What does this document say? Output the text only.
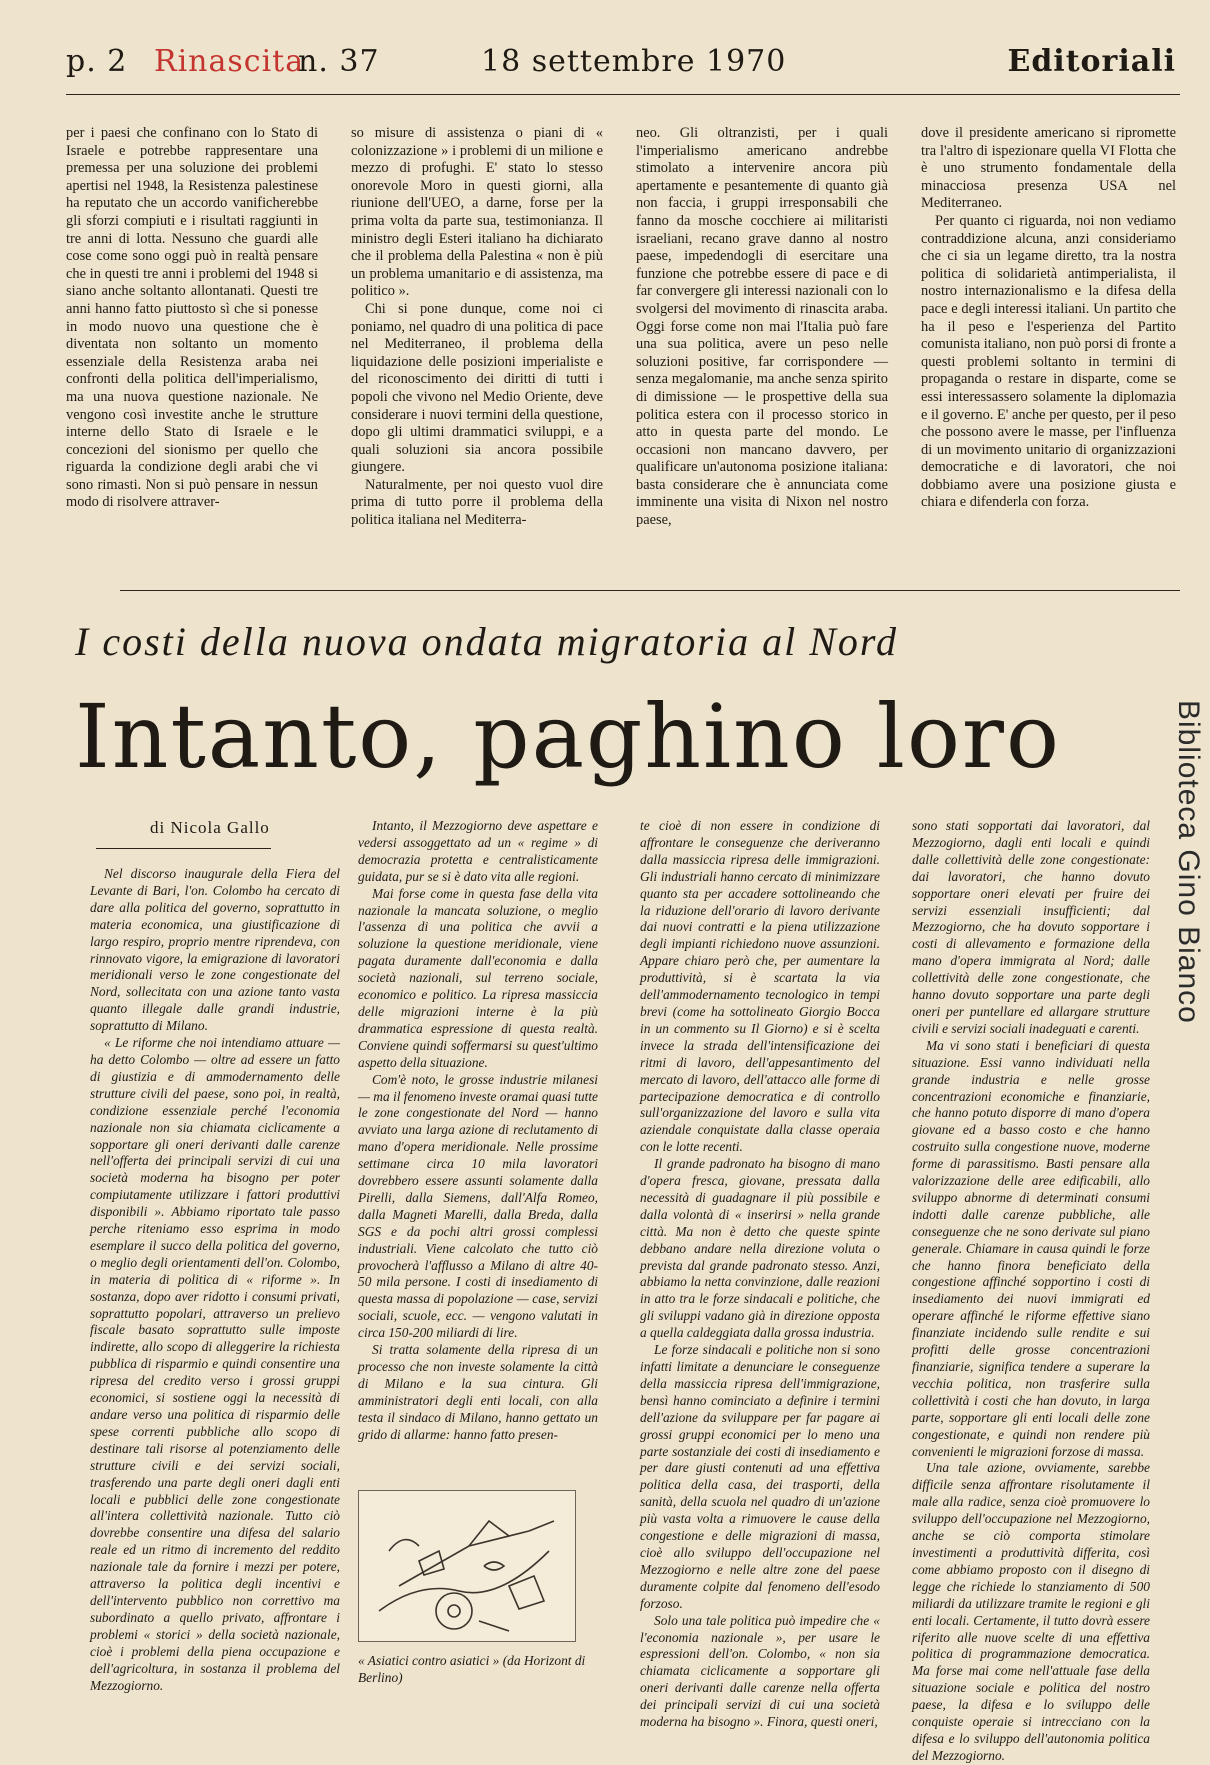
p. 2 Rinascita
n. 37	18 settembre 1970	Editoriali

per i paesi che confinano con lo Stato di Israele e potrebbe rappresentare una premessa per una soluzione dei problemi apertisi nel 1948, la Resistenza palestinese ha reputato che un accordo vanificherebbe gli sforzi compiuti e i risultati raggiunti in tre anni di lotta. Nessuno che guardi alle cose come sono oggi può in realtà pensare che in questi tre anni i problemi del 1948 si siano anche soltanto allontanati. Questi tre anni hanno fatto piuttosto sì che si ponesse in modo nuovo una questione che è diventata non soltanto un momento essenziale della Resistenza araba nei confronti della politica dell'imperialismo, ma una nuova questione nazionale. Ne vengono così investite anche le strutture interne dello Stato di Israele e le concezioni del sionismo per quello che riguarda la condizione degli arabi che vi sono rimasti. Non si può pensare in nessun modo di risolvere attraver-

so misure di assistenza o piani di « colonizzazione » i problemi di un milione e mezzo di profughi. E' stato lo stesso onorevole Moro in questi giorni, alla riunione dell'UEO, a darne, forse per la prima volta da parte sua, testimonianza. Il ministro degli Esteri italiano ha dichiarato che il problema della Palestina « non è più un problema umanitario e di assistenza, ma politico ».

Chi si pone dunque, come noi ci poniamo, nel quadro di una politica di pace nel Mediterraneo, il problema della liquidazione delle posizioni imperialiste e del riconoscimento dei diritti di tutti i popoli che vivono nel Medio Oriente, deve considerare i nuovi termini della questione, dopo gli ultimi drammatici sviluppi, e a quali soluzioni sia ancora possibile giungere.

Naturalmente, per noi questo vuol dire prima di tutto porre il problema della politica italiana nel Mediterra-

neo. Gli oltranzisti, per i quali l'imperialismo americano andrebbe stimolato a intervenire ancora più apertamente e pesantemente di quanto già non faccia, i gruppi irresponsabili che fanno da mosche cocchiere ai militaristi israeliani, recano grave danno al nostro paese, impedendogli di esercitare una funzione che potrebbe essere di pace e di far convergere gli interessi nazionali con lo svolgersi del movimento di rinascita araba. Oggi forse come non mai l'Italia può fare una sua politica, avere un peso nelle soluzioni positive, far corrispondere — senza megalomanie, ma anche senza spirito di dimissione — le prospettive della sua politica estera con il processo storico in atto in questa parte del mondo. Le occasioni non mancano davvero, per qualificare un'autonoma posizione italiana: basta considerare che è annunciata come imminente una visita di Nixon nel nostro paese,

dove il presidente americano si ripromette tra l'altro di ispezionare quella VI Flotta che è uno strumento fondamentale della minacciosa presenza USA nel Mediterraneo.

Per quanto ci riguarda, noi non vediamo contraddizione alcuna, anzi consideriamo che ci sia un legame diretto, tra la nostra politica di solidarietà antimperialista, il nostro internazionalismo e la difesa della pace e degli interessi italiani. Un partito che ha il peso e l'esperienza del Partito comunista italiano, non può porsi di fronte a questi problemi soltanto in termini di propaganda o restare in disparte, come se essi interessassero solamente la diplomazia e il governo. E' anche per questo, per il peso che possono avere le masse, per l'influenza di un movimento unitario di organizzazioni democratiche e di lavoratori, che noi dobbiamo avere una posizione giusta e chiara e difenderla con forza.

I costi della nuova ondata migratoria al Nord
Intanto, paghino loro
di Nicola Gallo

Nel discorso inaugurale della Fiera del Levante di Bari, l'on. Colombo ha cercato di dare alla politica del governo, soprattutto in materia economica, una giustificazione di largo respiro, proprio mentre riprendeva, con rinnovato vigore, la emigrazione di lavoratori meridionali verso le zone congestionate del Nord, sollecitata con una azione tanto vasta quanto illegale dalle grandi industrie, soprattutto di Milano.

« Le riforme che noi intendiamo attuare — ha detto Colombo — oltre ad essere un fatto di giustizia e di ammodernamento delle strutture civili del paese, sono poi, in realtà, condizione essenziale perché l'economia nazionale non sia chiamata ciclicamente a sopportare gli oneri derivanti dalle carenze nell'offerta dei principali servizi di cui una società moderna ha bisogno per poter compiutamente utilizzare i fattori produttivi disponibili ». Abbiamo riportato tale passo perche riteniamo esso esprima in modo esemplare il succo della politica del governo, o meglio degli orientamenti dell'on. Colombo, in materia di politica di « riforme ». In sostanza, dopo aver ridotto i consumi privati, soprattutto popolari, attraverso un prelievo fiscale basato soprattutto sulle imposte indirette, allo scopo di alleggerire la richiesta pubblica di risparmio e quindi consentire una ripresa del credito verso i grossi gruppi economici, si sostiene oggi la necessità di andare verso una politica di risparmio delle spese correnti pubbliche allo scopo di destinare tali risorse al potenziamento delle strutture civili e dei servizi sociali, trasferendo una parte degli oneri dagli enti locali e pubblici delle zone congestionate all'intera collettività nazionale. Tutto ciò dovrebbe consentire una difesa del salario reale ed un ritmo di incremento del reddito nazionale tale da fornire i mezzi per potere, attraverso la politica degli incentivi e dell'intervento pubblico non correttivo ma subordinato a quello privato, affrontare i problemi « storici » della società nazionale, cioè i problemi della piena occupazione e dell'agricoltura, in sostanza il problema del Mezzogiorno.

Intanto, il Mezzogiorno deve aspettare e vedersi assoggettato ad un « regime » di democrazia protetta e centralisticamente guidata, pur se si è dato vita alle regioni.

Mai forse come in questa fase della vita nazionale la mancata soluzione, o meglio l'assenza di una politica che avvii a soluzione la questione meridionale, viene pagata duramente dall'economia e dalla società nazionali, sul terreno sociale, economico e politico. La ripresa massiccia delle migrazioni interne è la più drammatica espressione di questa realtà. Conviene quindi soffermarsi su quest'ultimo aspetto della situazione.

Com'è noto, le grosse industrie milanesi — ma il fenomeno investe oramai quasi tutte le zone congestionate del Nord — hanno avviato una larga azione di reclutamento di mano d'opera meridionale. Nelle prossime settimane circa 10 mila lavoratori dovrebbero essere assunti solamente dalla Pirelli, dalla Siemens, dall'Alfa Romeo, dalla Magneti Marelli, dalla Breda, dalla SGS e da pochi altri grossi complessi industriali. Viene calcolato che tutto ciò provocherà l'afflusso a Milano di altre 40-50 mila persone. I costi di insediamento di questa massa di popolazione — case, servizi sociali, scuole, ecc. — vengono valutati in circa 150-200 miliardi di lire.

Si tratta solamente della ripresa di un processo che non investe solamente la città di Milano e la sua cintura. Gli amministratori degli enti locali, con alla testa il sindaco di Milano, hanno gettato un grido di allarme: hanno fatto presen-

« Asiatici contro asiatici » (da Horizont di Berlino)

te cioè di non essere in condizione di affrontare le conseguenze che deriveranno dalla massiccia ripresa delle immigrazioni. Gli industriali hanno cercato di minimizzare quanto sta per accadere sottolineando che la riduzione dell'orario di lavoro derivante dai nuovi contratti e la piena utilizzazione degli impianti richiedono nuove assunzioni. Appare chiaro però che, per aumentare la produttività, si è scartata la via dell'ammodernamento tecnologico in tempi brevi (come ha sottolineato Giorgio Bocca in un commento su Il Giorno) e si è scelta invece la strada dell'intensificazione dei ritmi di lavoro, dell'appesantimento del mercato di lavoro, dell'attacco alle forme di partecipazione democratica e di controllo sull'organizzazione del lavoro e sulla vita aziendale conquistate dalla classe operaia con le lotte recenti.

Il grande padronato ha bisogno di mano d'opera fresca, giovane, pressata dalla necessità di guadagnare il più possibile e dalla volontà di « inserirsi » nella grande città. Ma non è detto che queste spinte debbano andare nella direzione voluta o prevista dal grande padronato stesso. Anzi, abbiamo la netta convinzione, dalle reazioni in atto tra le forze sindacali e politiche, che gli sviluppi vadano già in direzione opposta a quella caldeggiata dalla grossa industria.

Le forze sindacali e politiche non si sono infatti limitate a denunciare le conseguenze della massiccia ripresa dell'immigrazione, bensì hanno cominciato a definire i termini dell'azione da sviluppare per far pagare ai grossi gruppi economici per lo meno una parte sostanziale dei costi di insediamento e per dare giusti contenuti ad una effettiva politica della casa, dei trasporti, della sanità, della scuola nel quadro di un'azione più vasta volta a rimuovere le cause della congestione e delle migrazioni di massa, cioè allo sviluppo dell'occupazione nel Mezzogiorno e nelle altre zone del paese duramente colpite dal fenomeno dell'esodo forzoso.

Solo una tale politica può impedire che « l'economia nazionale », per usare le espressioni dell'on. Colombo, « non sia chiamata ciclicamente a sopportare gli oneri derivanti dalle carenze nella offerta dei principali servizi di cui una società moderna ha bisogno ». Finora, questi oneri,

sono stati sopportati dai lavoratori, dal Mezzogiorno, dagli enti locali e quindi dalle collettività delle zone congestionate: dai lavoratori, che hanno dovuto sopportare oneri elevati per fruire dei servizi essenziali insufficienti; dal Mezzogiorno, che ha dovuto sopportare i costi di allevamento e formazione della mano d'opera immigrata al Nord; dalle collettività delle zone congestionate, che hanno dovuto sopportare una parte degli oneri per puntellare ed allargare strutture civili e servizi sociali inadeguati e carenti.

Ma vi sono stati i beneficiari di questa situazione. Essi vanno individuati nella grande industria e nelle grosse concentrazioni economiche e finanziarie, che hanno potuto disporre di mano d'opera giovane ed a basso costo e che hanno costruito sulla congestione nuove, moderne forme di parassitismo. Basti pensare alla valorizzazione delle aree edificabili, allo sviluppo abnorme di determinati consumi indotti dalle carenze pubbliche, alle conseguenze che ne sono derivate sul piano generale. Chiamare in causa quindi le forze che hanno finora beneficiato della congestione affinché sopportino i costi di insediamento dei nuovi immigrati ed operare affinché le riforme effettive siano finanziate incidendo sulle rendite e sui profitti delle grosse concentrazioni finanziarie, significa tendere a superare la vecchia politica, non trasferire sulla collettività i costi che han dovuto, in larga parte, sopportare gli enti locali delle zone congestionate, e quindi non rendere più convenienti le migrazioni forzose di massa.

Una tale azione, ovviamente, sarebbe difficile senza affrontare risolutamente il male alla radice, senza cioè promuovere lo sviluppo dell'occupazione nel Mezzogiorno, anche se ciò comporta stimolare investimenti a produttività differita, così come abbiamo proposto con il disegno di legge che richiede lo stanziamento di 500 miliardi da utilizzare tramite le regioni e gli enti locali. Certamente, il tutto dovrà essere riferito alle nuove scelte di una effettiva politica di programmazione democratica. Ma forse mai come nell'attuale fase della situazione sociale e politica del nostro paese, la difesa e lo sviluppo delle conquiste operaie si intrecciano con la difesa e lo sviluppo dell'autonomia politica del Mezzogiorno.

Biblioteca Gino Bianco
